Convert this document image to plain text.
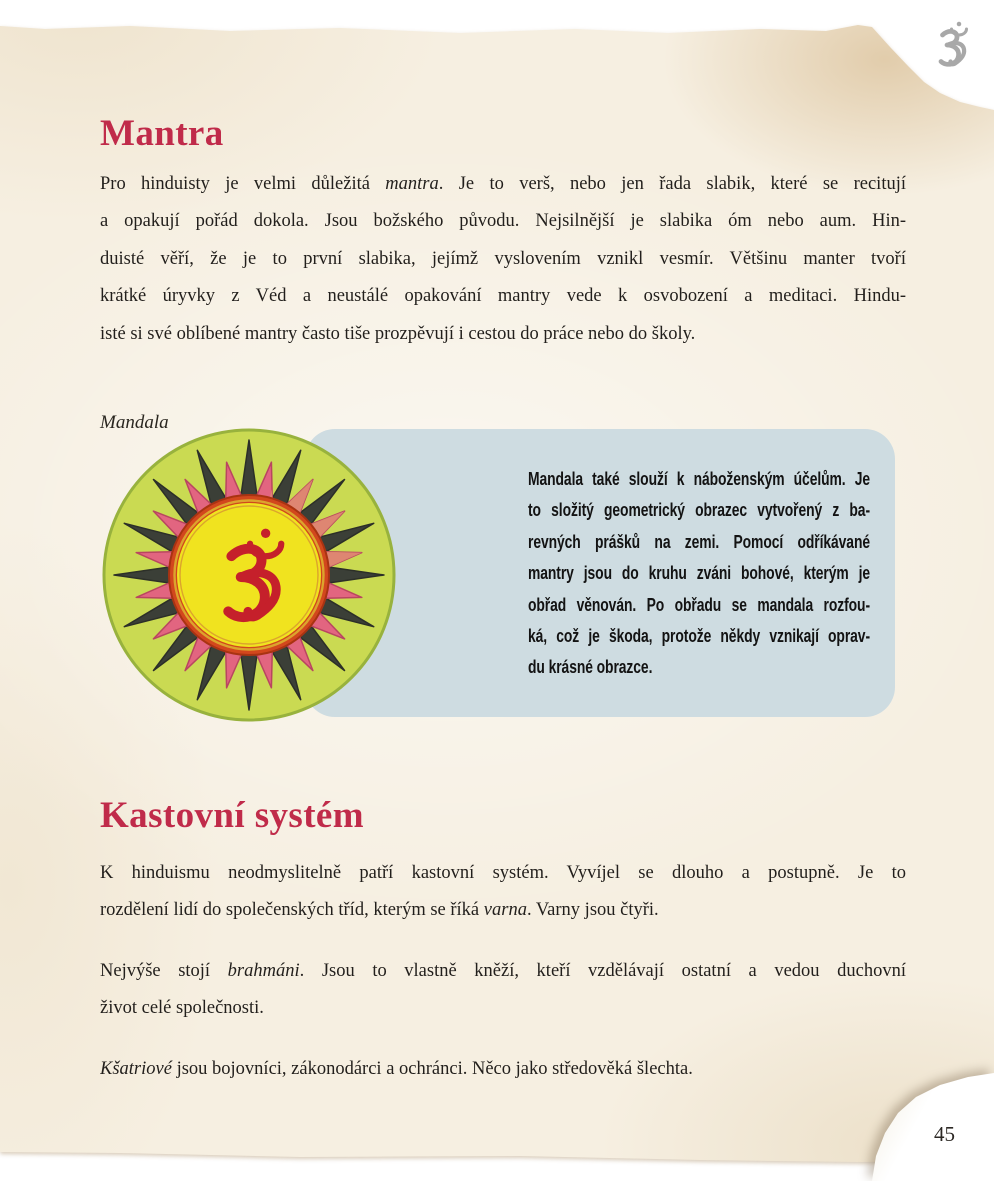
Mantra
Pro hinduisty je velmi důležitá mantra. Je to verš, nebo jen řada slabik, které se recitují
a opakují pořád dokola. Jsou božského původu. Nejsilnější je slabika óm nebo aum. Hin-
duisté věří, že je to první slabika, jejímž vyslovením vznikl vesmír. Většinu manter tvoří
krátké úryvky z Véd a neustálé opakování mantry vede k osvobození a meditaci. Hindu-
isté si své oblíbené mantry často tiše prozpěvují i cestou do práce nebo do školy.
Mandala
Mandala také slouží k náboženským účelům. Je
to složitý geometrický obrazec vytvořený z ba-
revných prášků na zemi. Pomocí odříkávané
mantry jsou do kruhu zváni bohové, kterým je
obřad věnován. Po obřadu se mandala rozfou-
ká, což je škoda, protože někdy vznikají oprav-
du krásné obrazce.
Kastovní systém
K hinduismu neodmyslitelně patří kastovní systém. Vyvíjel se dlouho a postupně. Je to
rozdělení lidí do společenských tříd, kterým se říká varna. Varny jsou čtyři.
Nejvýše stojí brahmáni. Jsou to vlastně kněží, kteří vzdělávají ostatní a vedou duchovní
život celé společnosti.
Kšatriové jsou bojovníci, zákonodárci a ochránci. Něco jako středověká šlechta.
45
